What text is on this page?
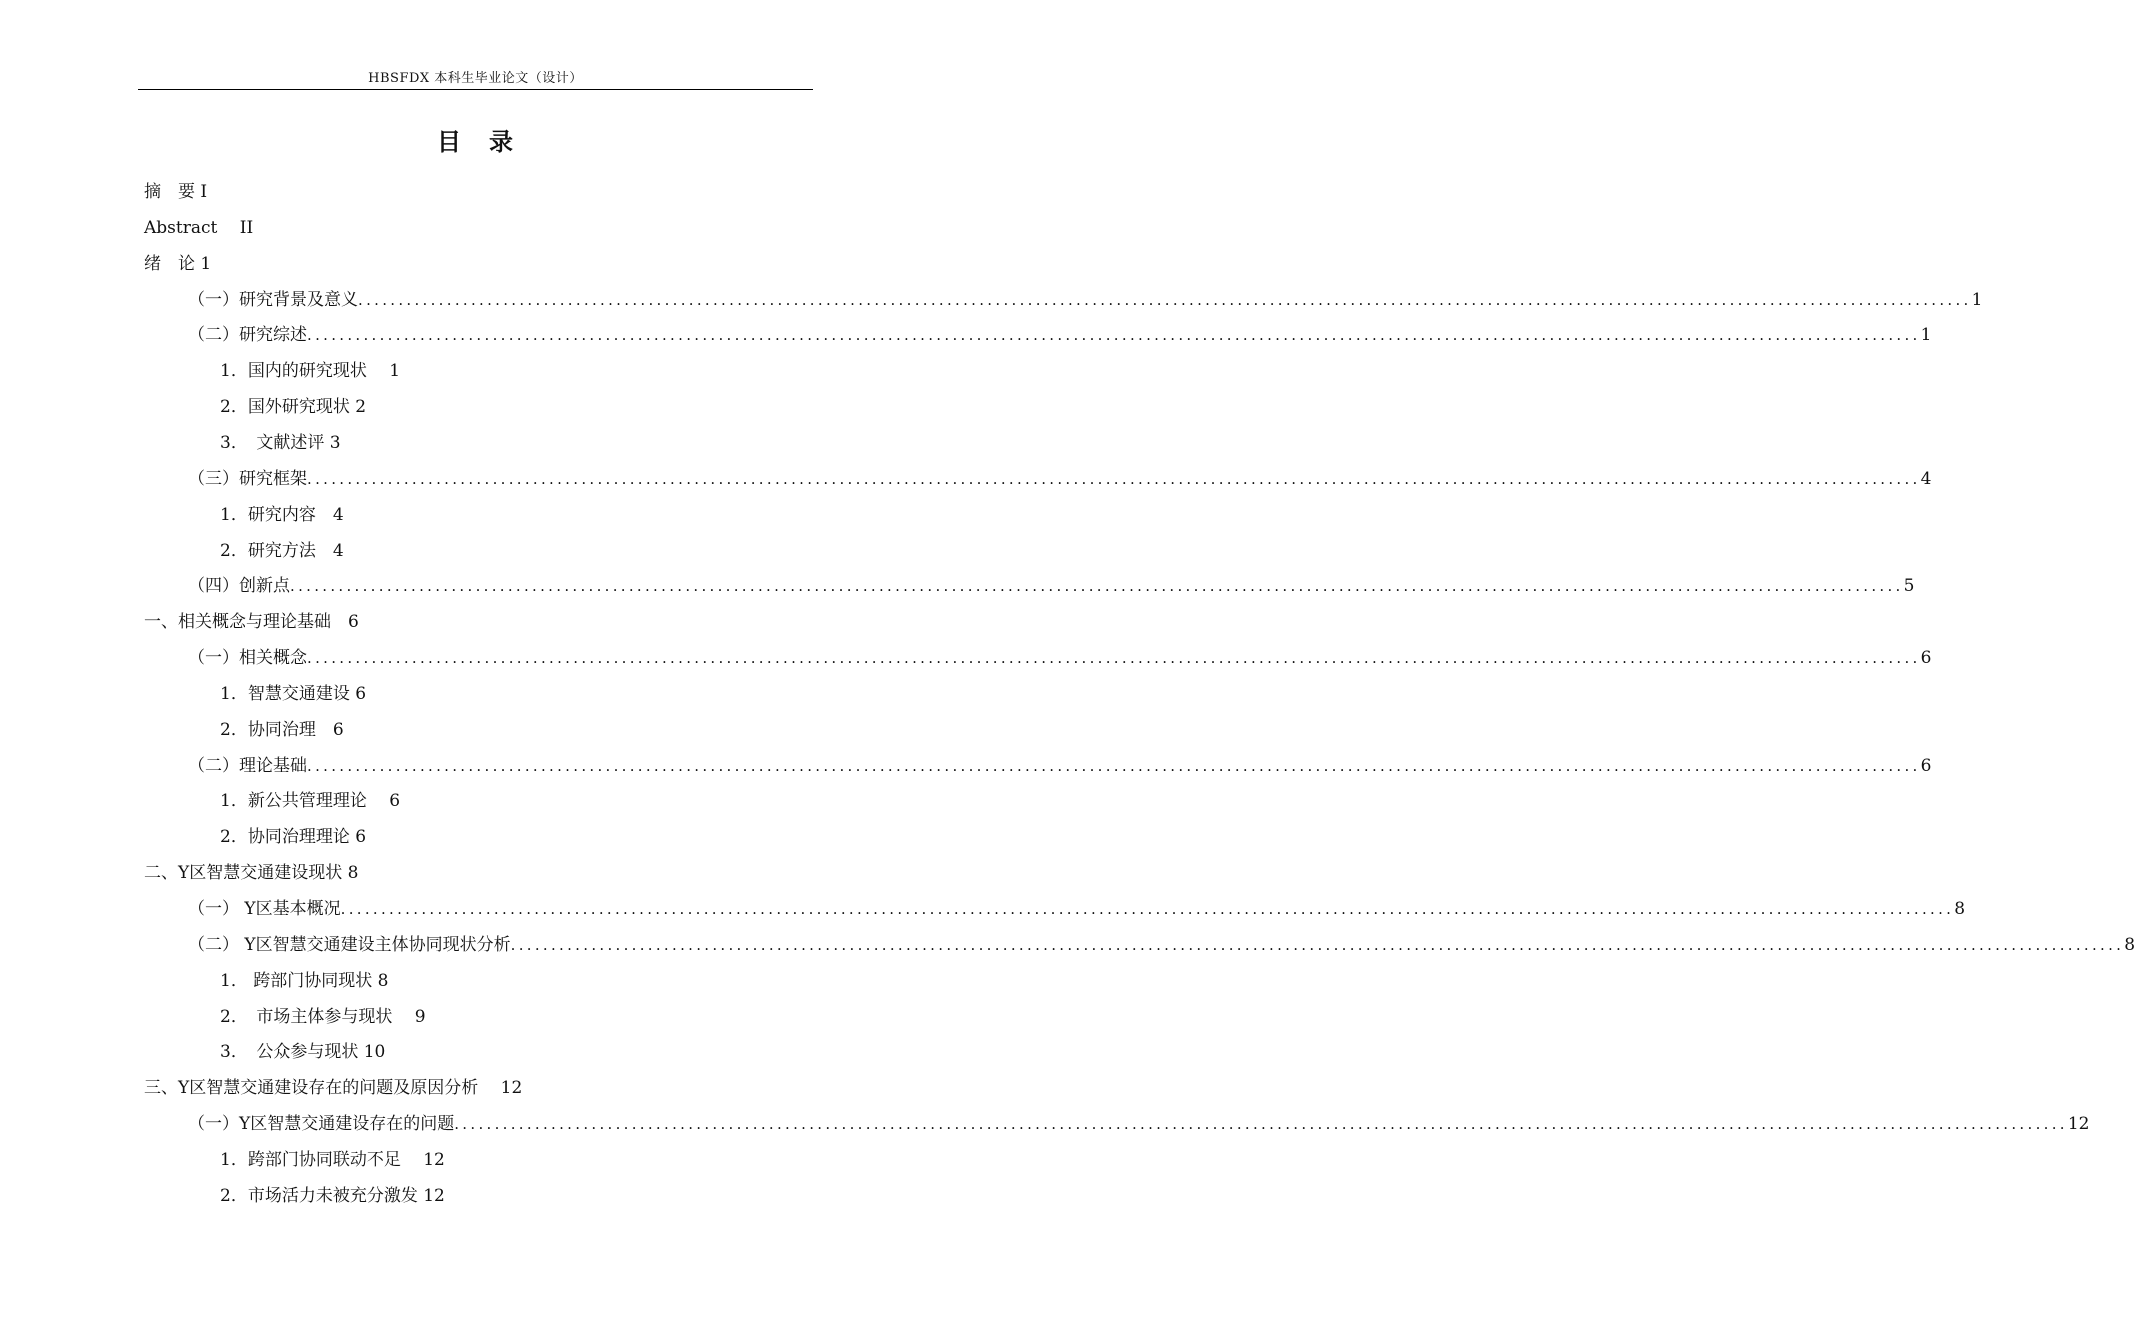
HBSFDX 本科生毕业论文（设计）
目 录
摘　要 I
Abstract　 II
绪　论 1
（一）研究背景及意义 ........................................................................................................................................................................................................ 1
（二）研究综述 ........................................................................................................................................................................................................ 1
1．国内的研究现状　 1
2．国外研究现状 2
3．　文献述评 3
（三）研究框架 ........................................................................................................................................................................................................ 4
1．研究内容　4
2．研究方法　4
（四）创新点 ........................................................................................................................................................................................................ 5
一、相关概念与理论基础　6
（一）相关概念 ........................................................................................................................................................................................................ 6
1．智慧交通建设 6
2．协同治理　6
（二）理论基础 ........................................................................................................................................................................................................ 6
1．新公共管理理论　 6
2．协同治理理论 6
二、Y区智慧交通建设现状 8
（一） Y区基本概况 ........................................................................................................................................................................................................ 8
（二） Y区智慧交通建设主体协同现状分析 ........................................................................................................................................................................................................ 8
1． 跨部门协同现状 8
2．　市场主体参与现状　 9
3．　公众参与现状 10
三、Y区智慧交通建设存在的问题及原因分析　 12
（一）Y区智慧交通建设存在的问题 ........................................................................................................................................................................................................ 12
1．跨部门协同联动不足　 12
2．市场活力未被充分激发 12
